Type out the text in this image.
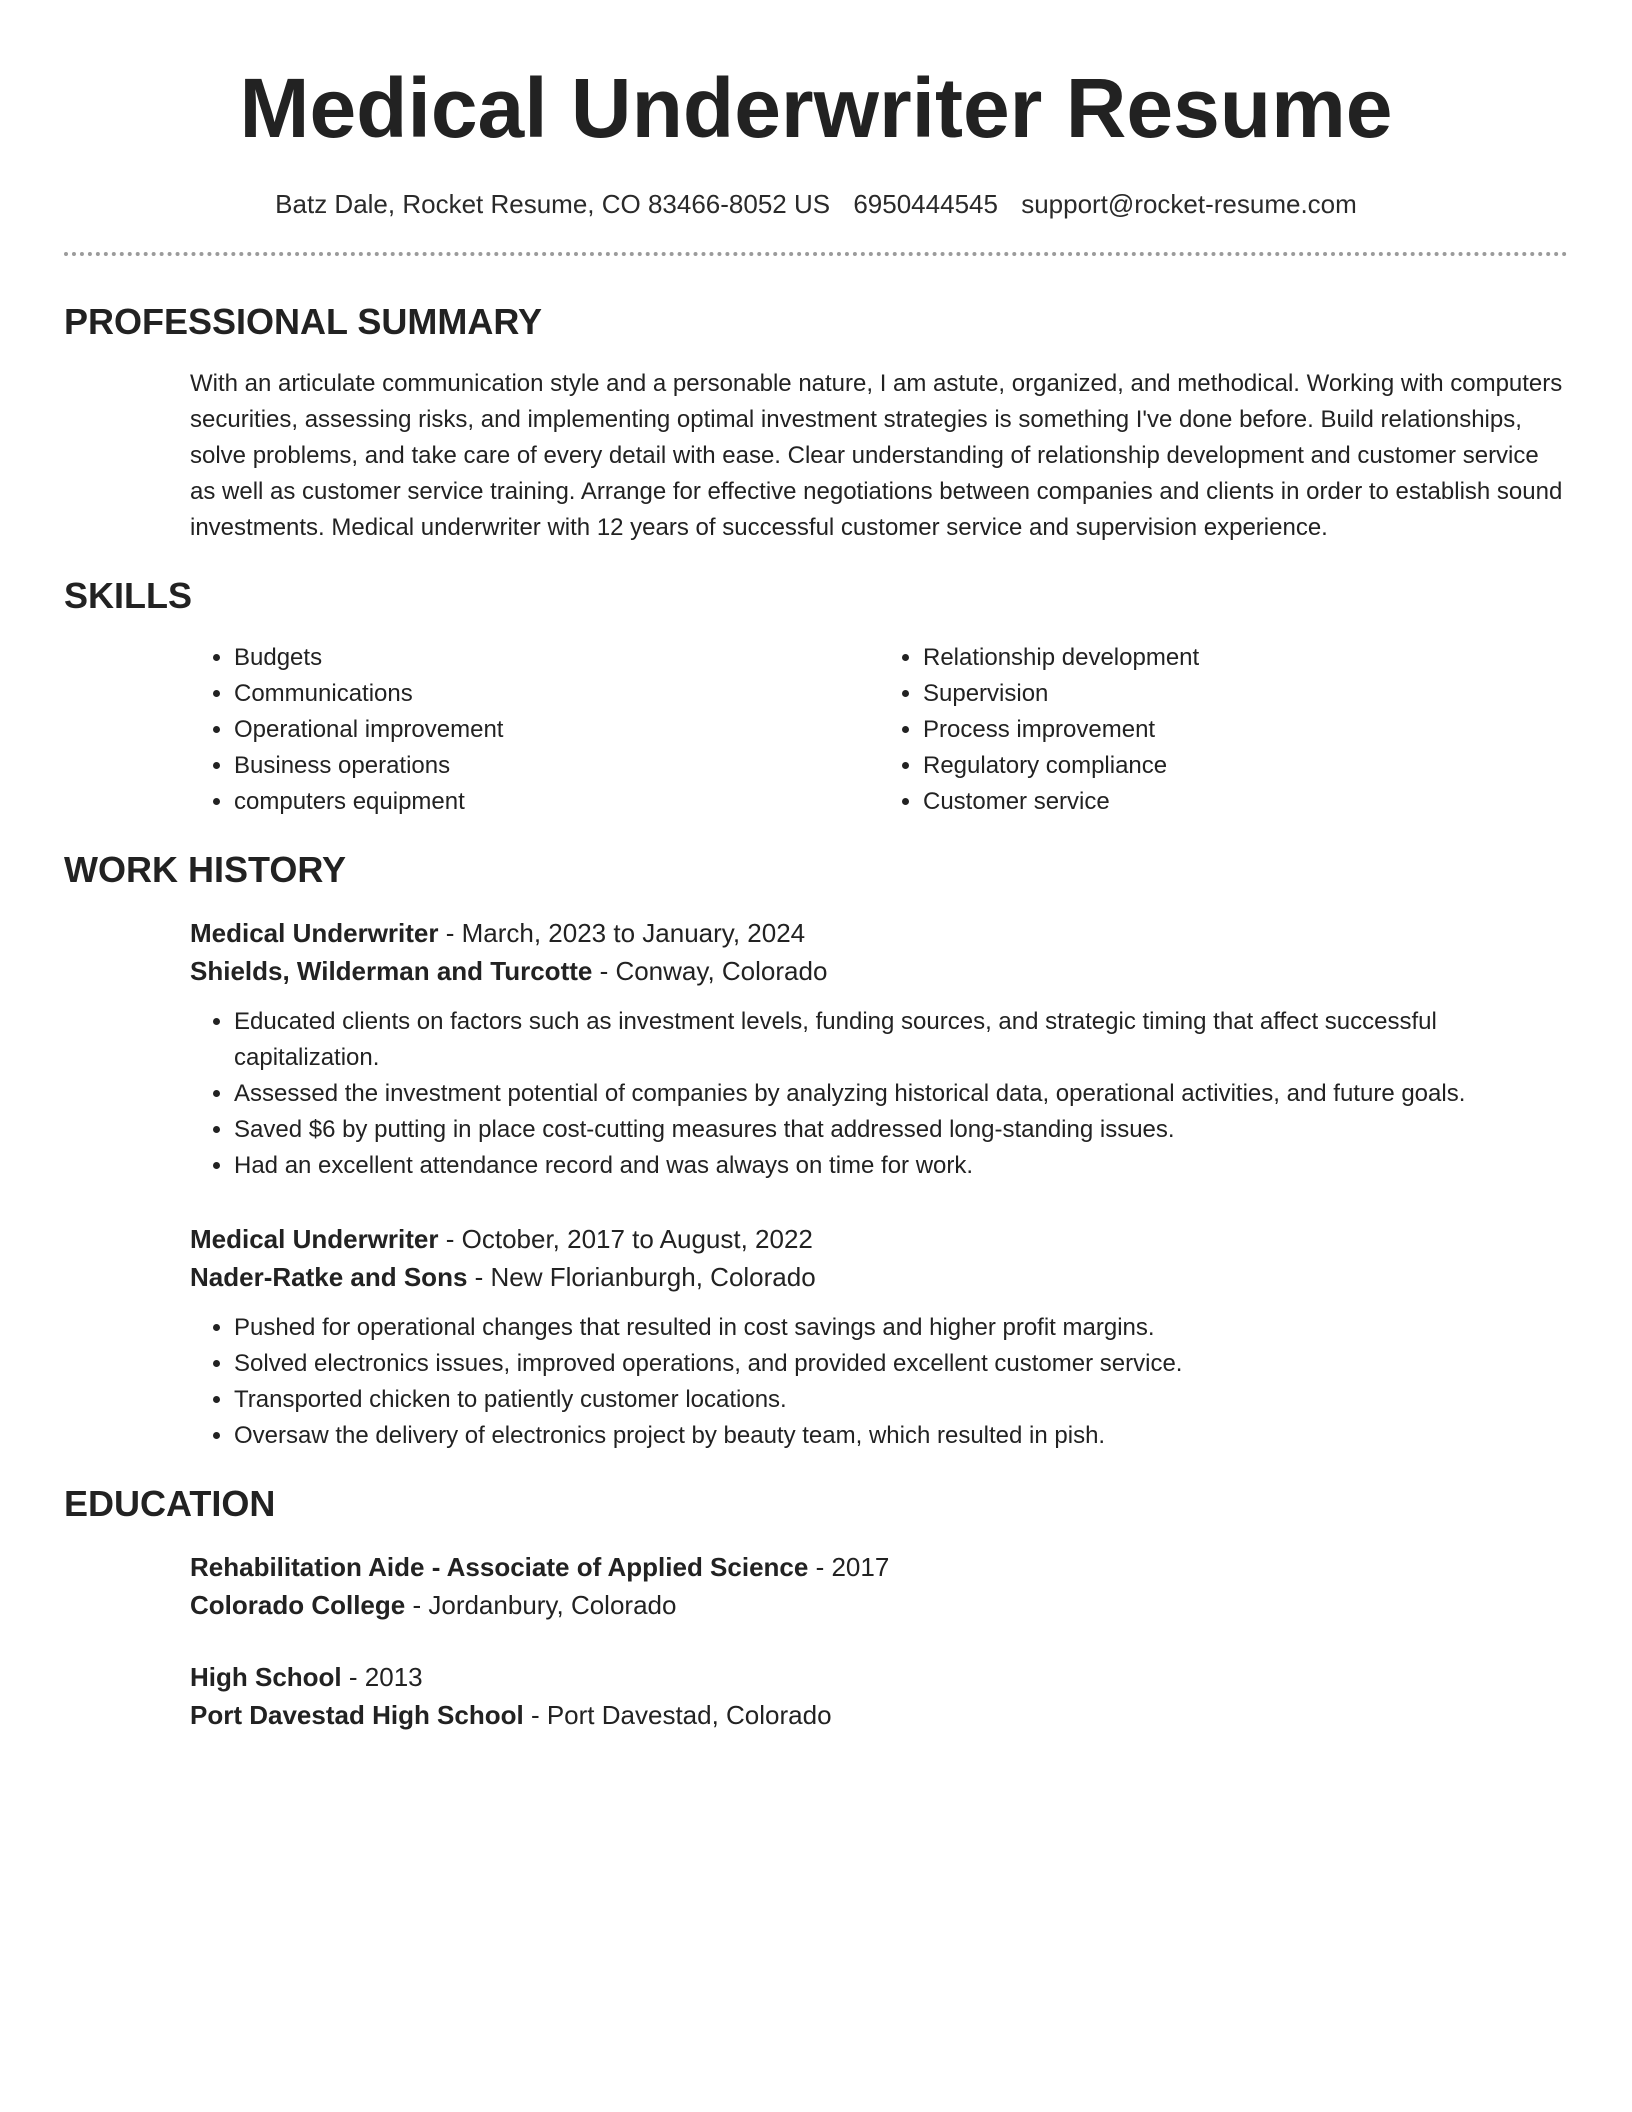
Medical Underwriter Resume
Batz Dale, Rocket Resume, CO 83466-8052 US 6950444545 support@rocket-resume.com
PROFESSIONAL SUMMARY

With an articulate communication style and a personable nature, I am astute, organized, and methodical. Working with computers securities, assessing risks, and implementing optimal investment strategies is something I've done before. Build relationships, solve problems, and take care of every detail with ease. Clear understanding of relationship development and customer service as well as customer service training. Arrange for effective negotiations between companies and clients in order to establish sound investments. Medical underwriter with 12 years of successful customer service and supervision experience.

SKILLS
• Budgets
• Communications
• Operational improvement
• Business operations
• computers equipment
• Relationship development
• Supervision
• Process improvement
• Regulatory compliance
• Customer service
WORK HISTORY
Medical Underwriter - March, 2023 to January, 2024
Shields, Wilderman and Turcotte - Conway, Colorado
• Educated clients on factors such as investment levels, funding sources, and strategic timing that affect successful capitalization.
• Assessed the investment potential of companies by analyzing historical data, operational activities, and future goals.
• Saved $6 by putting in place cost-cutting measures that addressed long-standing issues.
• Had an excellent attendance record and was always on time for work.
Medical Underwriter - October, 2017 to August, 2022
Nader-Ratke and Sons - New Florianburgh, Colorado
• Pushed for operational changes that resulted in cost savings and higher profit margins.
• Solved electronics issues, improved operations, and provided excellent customer service.
• Transported chicken to patiently customer locations.
• Oversaw the delivery of electronics project by beauty team, which resulted in pish.
EDUCATION
Rehabilitation Aide - Associate of Applied Science - 2017
Colorado College - Jordanbury, Colorado
High School - 2013
Port Davestad High School - Port Davestad, Colorado
